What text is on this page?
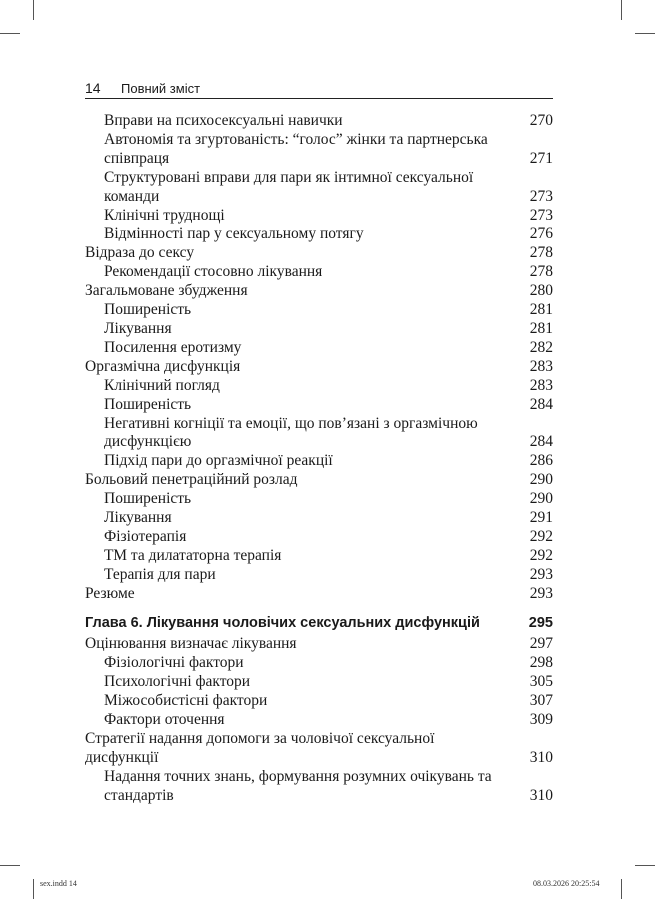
14 Повний зміст
Вправи на психосексуальні навички	270
Автономія та згуртованість: “голос” жінки та партнерська співпраця	271
Структуровані вправи для пари як інтимної сексуальної команди	273
Клінічні труднощі	273
Відмінності пар у сексуальному потягу	276
Відраза до сексу	278
Рекомендації стосовно лікування	278
Загальмоване збудження	280
Поширеність	281
Лікування	281
Посилення еротизму	282
Оргазмічна дисфункція	283
Клінічний погляд	283
Поширеність	284
Негативні когніції та емоції, що пов’язані з оргазмічною дисфункцією	284
Підхід пари до оргазмічної реакції	286
Больовий пенетраційний розлад	290
Поширеність	290
Лікування	291
Фізіотерапія	292
ТМ та дилататорна терапія	292
Терапія для пари	293
Резюме	293
Глава 6. Лікування чоловічих сексуальних дисфункцій	295
Оцінювання визначає лікування	297
Фізіологічні фактори	298
Психологічні фактори	305
Міжособистісні фактори	307
Фактори оточення	309
Стратегії надання допомоги за чоловічої сексуальної дисфункції	310
Надання точних знань, формування розумних очікувань та стандартів	310
sex.indd 14	08.03.2026 20:25:54
